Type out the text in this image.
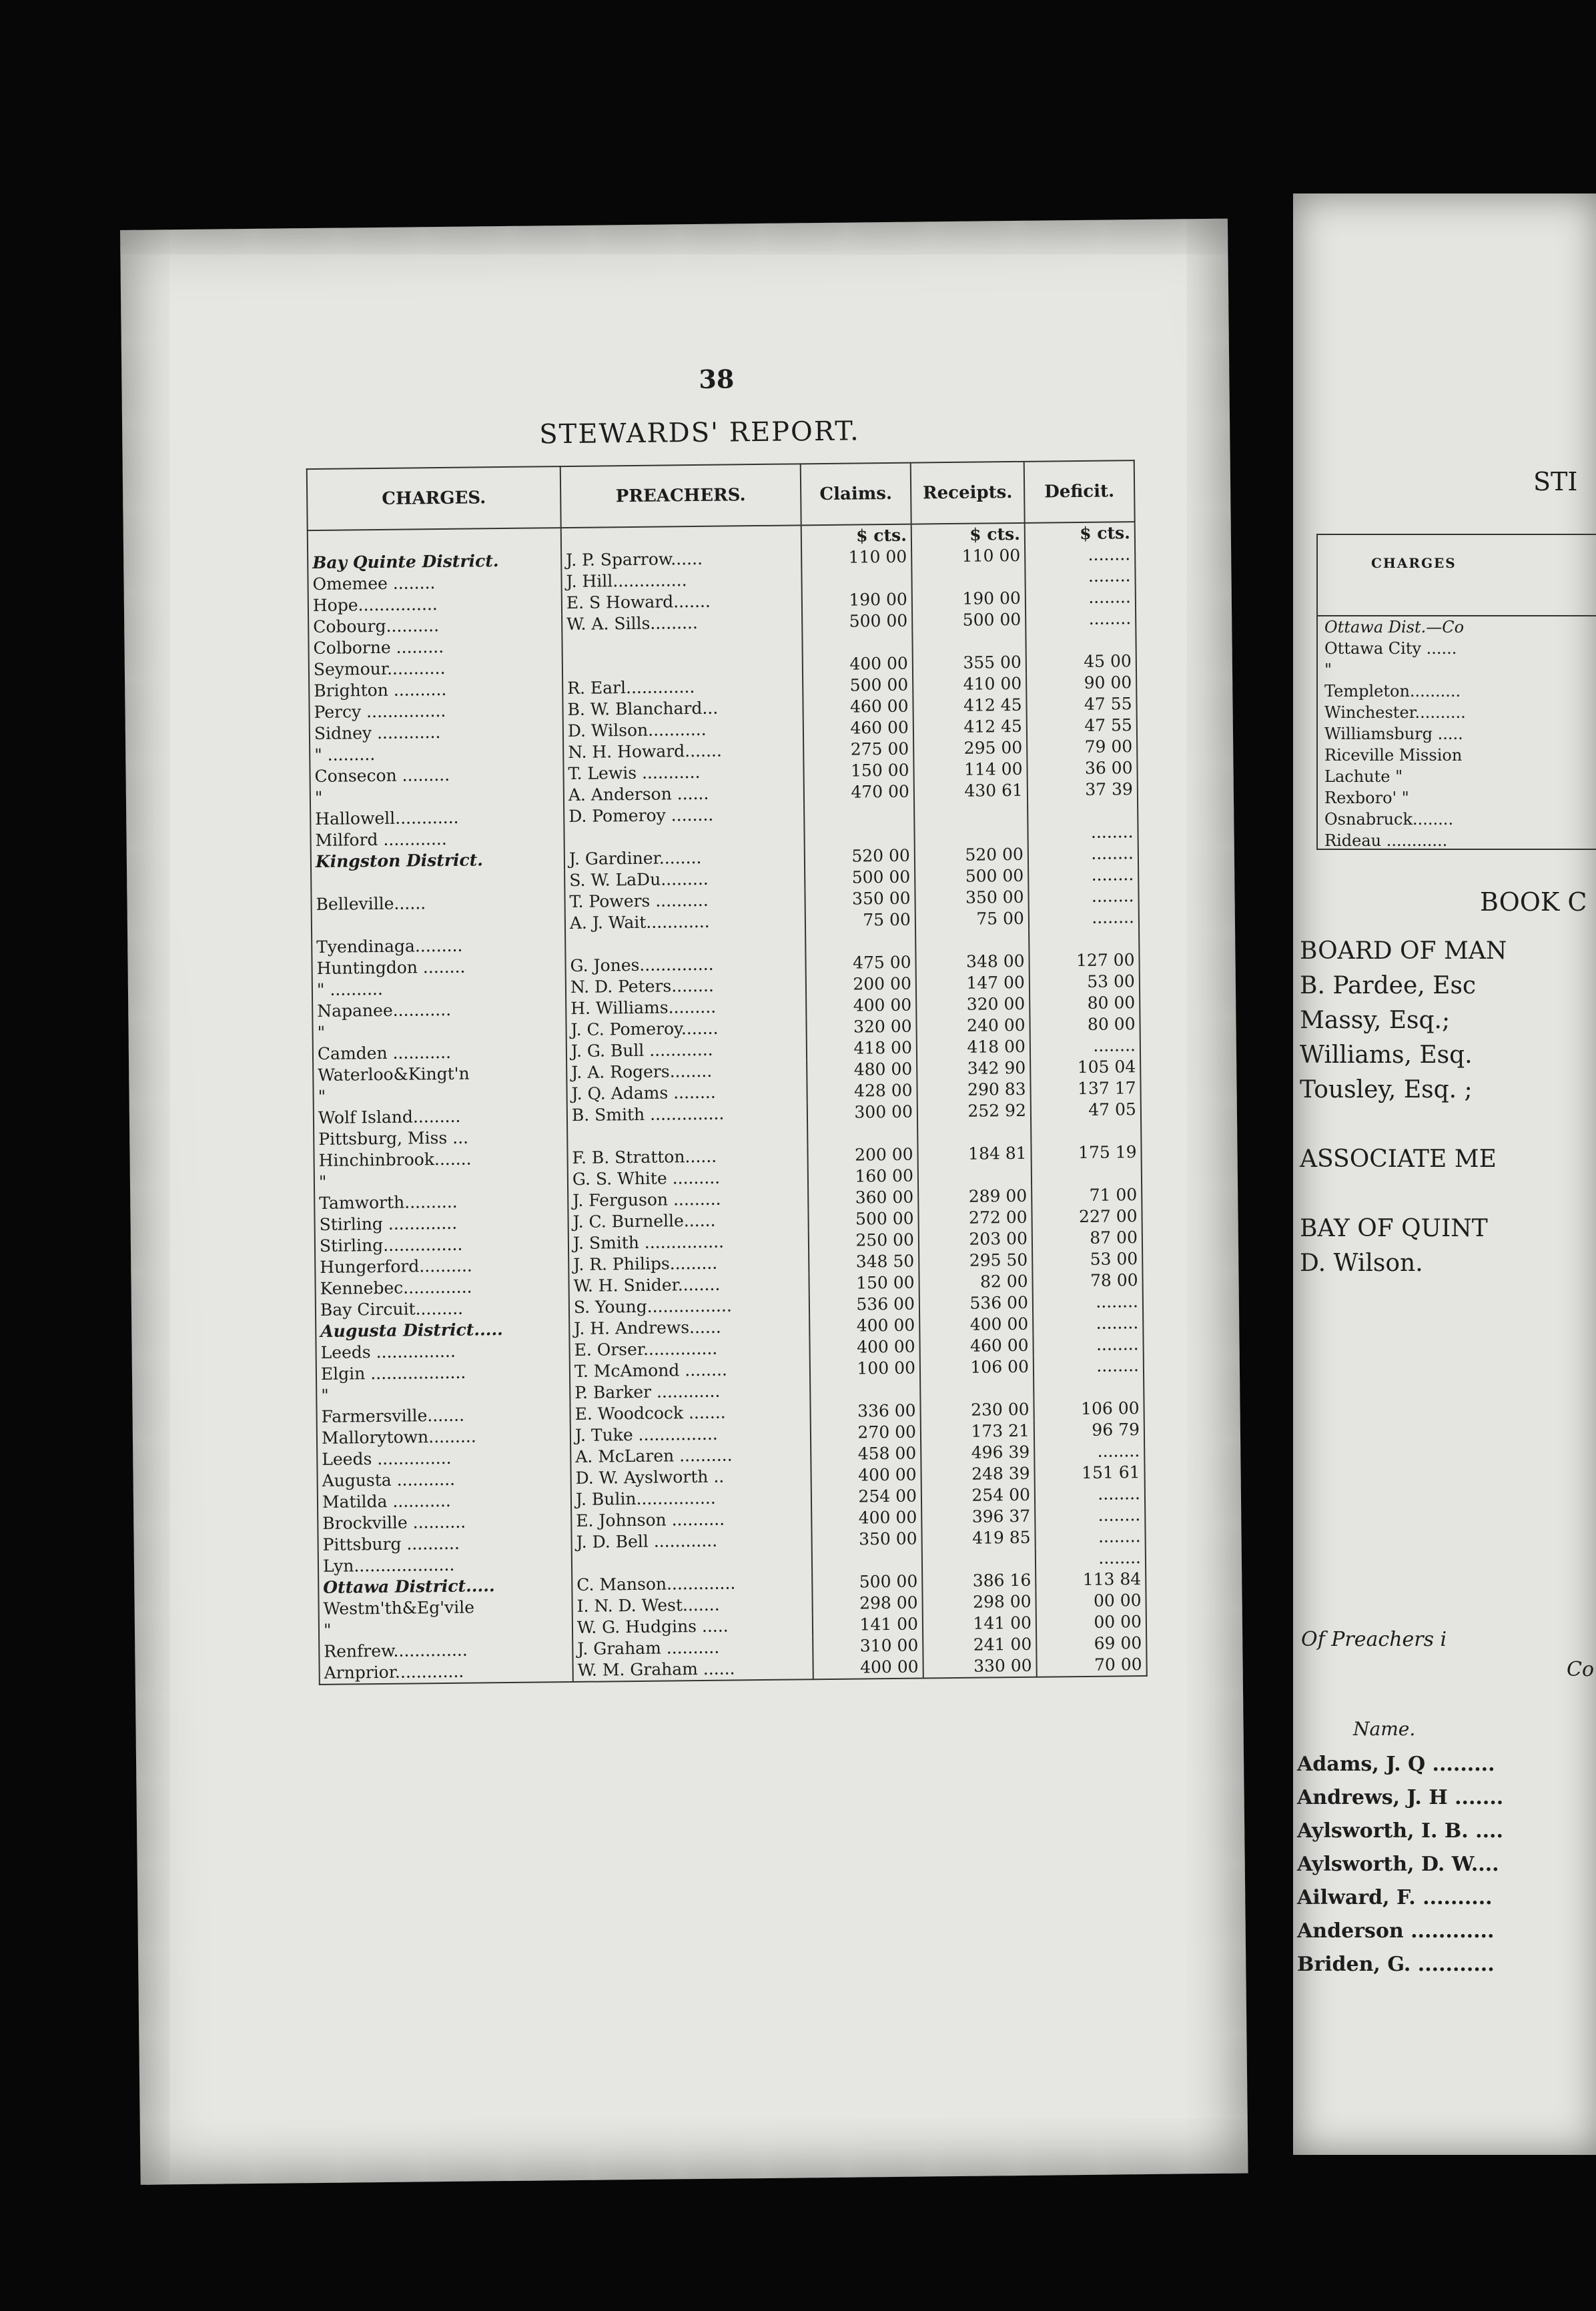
38
STEWARDS' REPORT.
CHARGES.	PREACHERS.	Claims.	Receipts.	Deficit.
		$ cts.	$ cts.	$ cts.
Bay Quinte District.	J. P. Sparrow......	110 00	110 00	........
Omemee ........	J. Hill..............			........
Hope...............	E. S Howard.......	190 00	190 00	........
Cobourg..........	W. A. Sills.........	500 00	500 00	........
Colborne .........				
Seymour...........		400 00	355 00	45 00
Brighton ..........	R. Earl.............	500 00	410 00	90 00
Percy ...............	B. W. Blanchard...	460 00	412 45	47 55
Sidney ............	D. Wilson...........	460 00	412 45	47 55
" .........	N. H. Howard.......	275 00	295 00	79 00
Consecon .........	T. Lewis ...........	150 00	114 00	36 00
"	A. Anderson ......	470 00	430 61	37 39
Hallowell............	D. Pomeroy ........			
Milford ............				........
Kingston District.	J. Gardiner........	520 00	520 00	........
	S. W. LaDu.........	500 00	500 00	........
Belleville......	T. Powers ..........	350 00	350 00	........
	A. J. Wait............	75 00	75 00	........
Tyendinaga.........				
Huntingdon ........	G. Jones..............	475 00	348 00	127 00
" ..........	N. D. Peters........	200 00	147 00	53 00
Napanee...........	H. Williams.........	400 00	320 00	80 00
"	J. C. Pomeroy.......	320 00	240 00	80 00
Camden ...........	J. G. Bull ............	418 00	418 00	........
Waterloo&Kingt'n	J. A. Rogers........	480 00	342 90	105 04
"	J. Q. Adams ........	428 00	290 83	137 17
Wolf Island.........	B. Smith ..............	300 00	252 92	47 05
Pittsburg, Miss ...				
Hinchinbrook.......	F. B. Stratton......	200 00	184 81	175 19
"	G. S. White .........	160 00		
Tamworth..........	J. Ferguson .........	360 00	289 00	71 00
Stirling .............	J. C. Burnelle......	500 00	272 00	227 00
Stirling...............	J. Smith ...............	250 00	203 00	87 00
Hungerford..........	J. R. Philips.........	348 50	295 50	53 00
Kennebec.............	W. H. Snider........	150 00	82 00	78 00
Bay Circuit.........	S. Young................	536 00	536 00	........
Augusta District.....	J. H. Andrews......	400 00	400 00	........
Leeds ...............	E. Orser..............	400 00	460 00	........
Elgin ..................	T. McAmond ........	100 00	106 00	........
"	P. Barker ............			
Farmersville.......	E. Woodcock .......	336 00	230 00	106 00
Mallorytown.........	J. Tuke ...............	270 00	173 21	96 79
Leeds ..............	A. McLaren ..........	458 00	496 39	........
Augusta ...........	D. W. Ayslworth ..	400 00	248 39	151 61
Matilda ...........	J. Bulin...............	254 00	254 00	........
Brockville ..........	E. Johnson ..........	400 00	396 37	........
Pittsburg ..........	J. D. Bell ............	350 00	419 85	........
Lyn...................				........
Ottawa District.....	C. Manson.............	500 00	386 16	113 84
Westm'th&Eg'vile	I. N. D. West.......	298 00	298 00	00 00
"	W. G. Hudgins .....	141 00	141 00	00 00
Renfrew..............	J. Graham ..........	310 00	241 00	69 00
Arnprior.............	W. M. Graham ......	400 00	330 00	70 00
STI
CHARGES
Ottawa Dist.—Co
Ottawa City ......
"
Templeton..........
Winchester..........
Williamsburg .....
Riceville Mission
Lachute "
Rexboro' "
Osnabruck........
Rideau ............
BOOK C
BOARD OF MAN
B. Pardee, Esc
Massy, Esq.;
Williams, Esq.
Tousley, Esq. ;

ASSOCIATE ME

BAY OF QUINT
D. Wilson.
Of Preachers i
Co
Name.
Adams, J. Q .........
Andrews, J. H .......
Aylsworth, I. B. ....
Aylsworth, D. W....
Ailward, F. ..........
Anderson ............
Briden, G. ...........
